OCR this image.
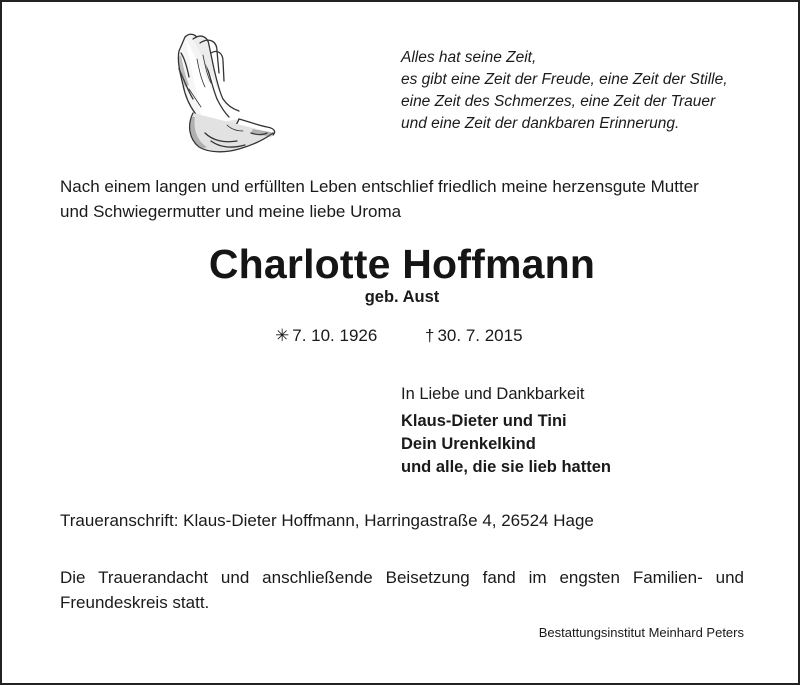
Alles hat seine Zeit,
es gibt eine Zeit der Freude, eine Zeit der Stille,
eine Zeit des Schmerzes, eine Zeit der Trauer
und eine Zeit der dankbaren Erinnerung.
Nach einem langen und erfüllten Leben entschlief friedlich meine herzensgute Mutter
und Schwiegermutter und meine liebe Uroma
Charlotte Hoffmann
geb. Aust
✳ 7. 10. 1926	† 30. 7. 2015
In Liebe und Dankbarkeit
Klaus-Dieter und Tini
Dein Urenkelkind
und alle, die sie lieb hatten
Traueranschrift: Klaus-Dieter Hoffmann, Harringastraße 4, 26524 Hage
Die Trauerandacht und anschließende Beisetzung fand im engsten Familien- und
Freundeskreis statt.
Bestattungsinstitut Meinhard Peters
